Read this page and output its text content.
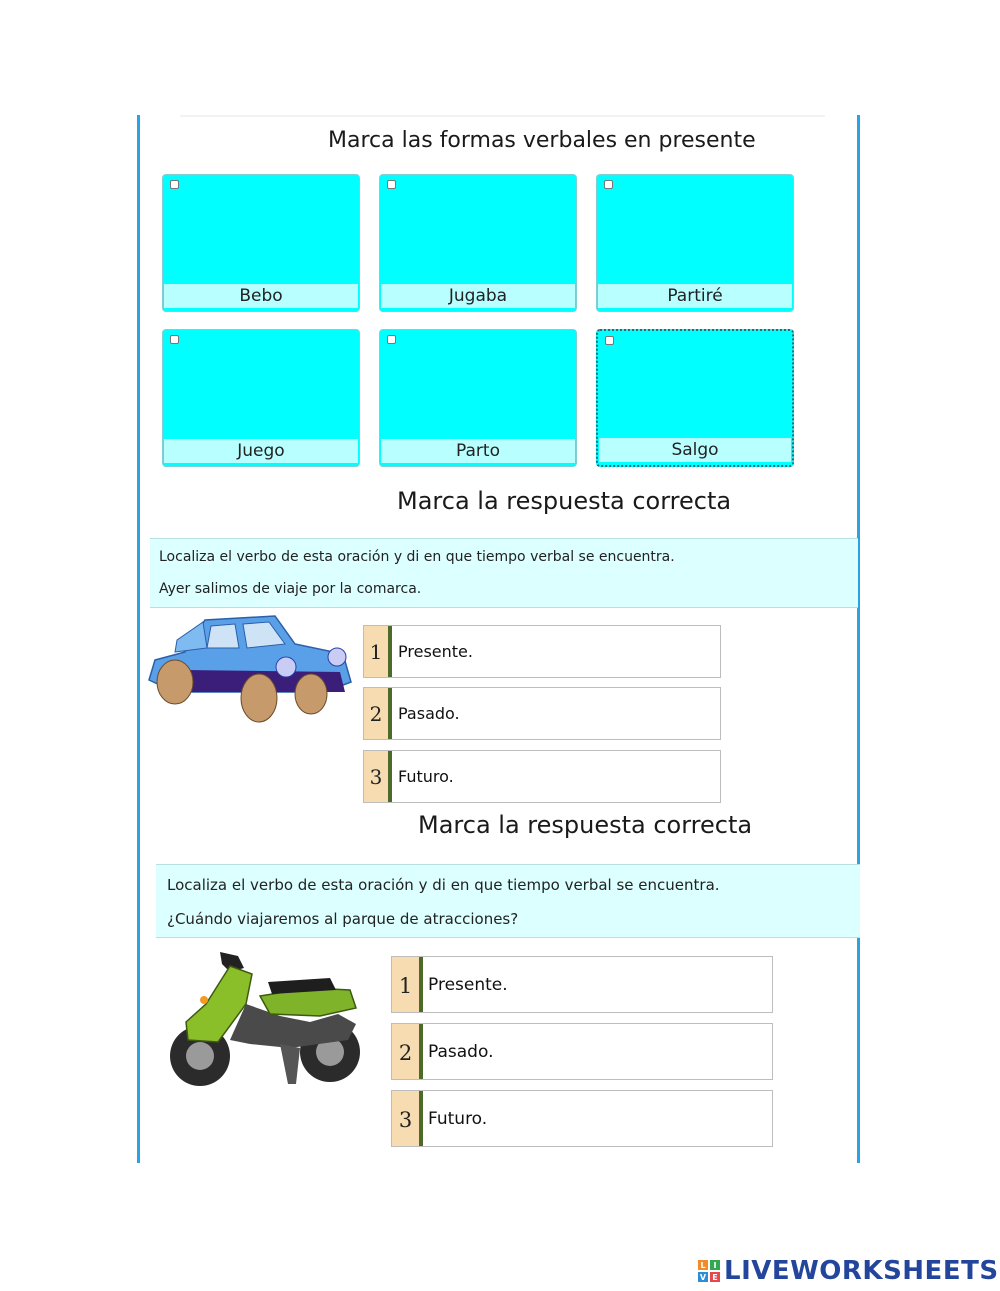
Marca las formas verbales en presente
Bebo	Jugaba	Partiré
Juego	Parto	Salgo
Marca la respuesta correcta

Localiza el verbo de esta oración y di en que tiempo verbal se encuentra.

Ayer salimos de viaje por la comarca.

1 Presente.
2 Pasado.
3 Futuro.
Marca la respuesta correcta

Localiza el verbo de esta oración y di en que tiempo verbal se encuentra.

¿Cuándo viajaremos al parque de atracciones?

1 Presente.
2 Pasado.
3 Futuro.
L I
V E LIVEWORKSHEETS
